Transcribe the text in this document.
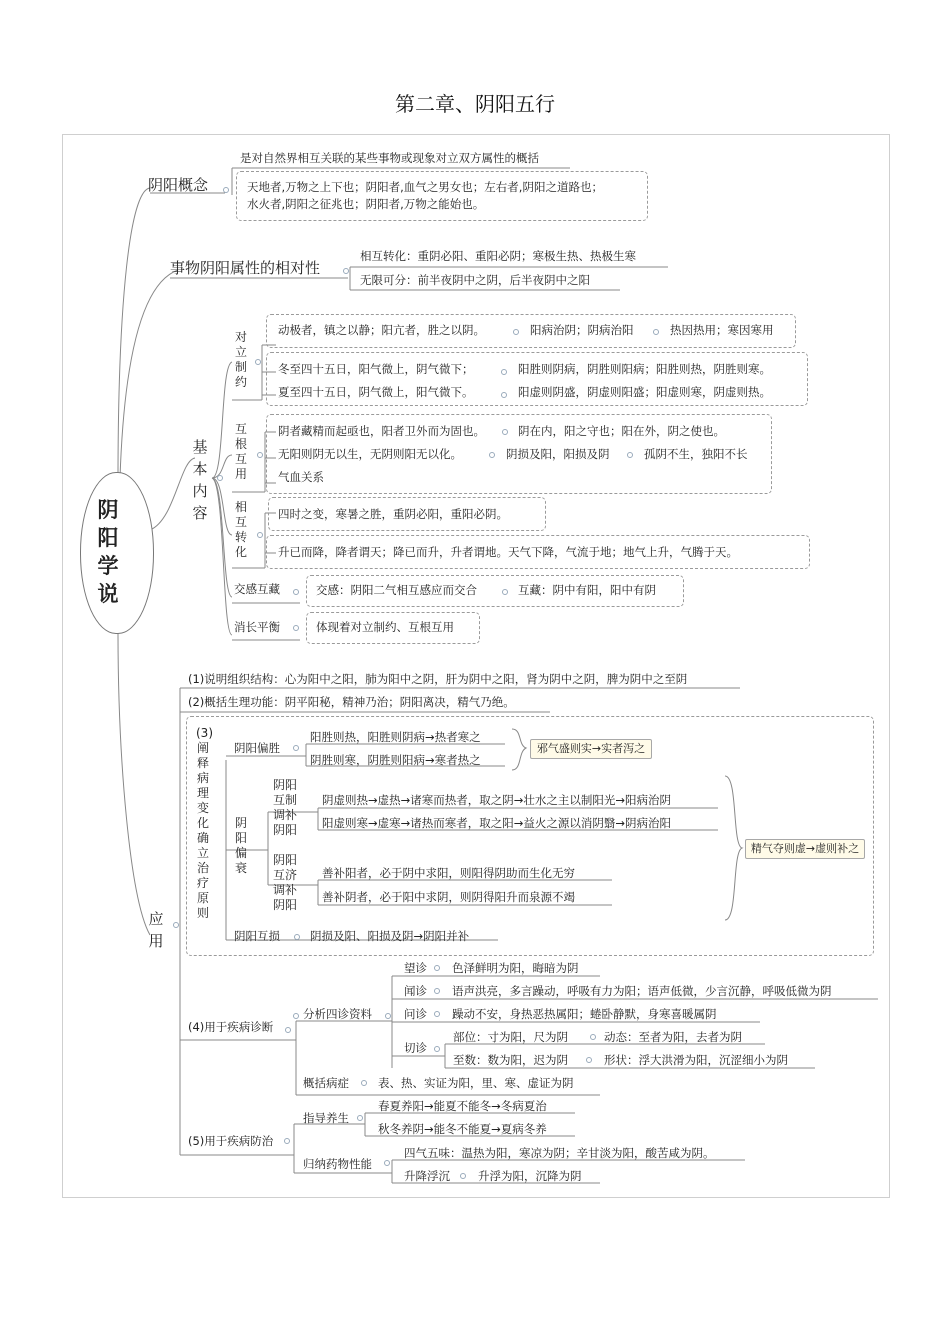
第二章、阴阳五行
阴阳学说
阴阳概念
是对自然界相互关联的某些事物或现象对立双方属性的概括
天地者,万物之上下也；阴阳者,血气之男女也；左右者,阴阳之道路也；
水火者,阴阳之征兆也；阴阳者,万物之能始也。
事物阴阳属性的相对性
相互转化：重阴必阳、重阳必阴；寒极生热、热极生寒
无限可分：前半夜阴中之阴，后半夜阴中之阳
基本内容
对立制约
动极者，镇之以静；阳亢者，胜之以阴。	阳病治阴；阴病治阳	热因热用；寒因寒用
冬至四十五日，阳气微上，阴气微下；	阳胜则阴病，阴胜则阳病；阳胜则热，阴胜则寒。
夏至四十五日，阴气微上，阳气微下。	阳虚则阴盛，阴虚则阳盛；阳虚则寒，阴虚则热。
互根互用
阴者藏精而起亟也，阳者卫外而为固也。	阴在内，阳之守也；阳在外，阴之使也。
无阳则阴无以生，无阴则阳无以化。	阴损及阳，阳损及阴	孤阴不生，独阳不长
气血关系
相互转化
四时之变，寒暑之胜，重阴必阳，重阳必阴。
升已而降，降者谓天；降已而升，升者谓地。天气下降，气流于地；地气上升，气腾于天。
交感互藏	交感：阴阳二气相互感应而交合	互藏：阴中有阳，阳中有阴
消长平衡	体现着对立制约、互根互用
应用
(1)说明组织结构：心为阳中之阳，肺为阳中之阴，肝为阴中之阳，肾为阴中之阴，脾为阴中之至阴
(2)概括生理功能：阴平阳秘，精神乃治；阴阳离决，精气乃绝。
(3)阐释病理变化确立治疗原则
阴阳偏胜
阳胜则热，阳胜则阴病→热者寒之
阴胜则寒，阴胜则阳病→寒者热之
邪气盛则实→实者泻之
阴阳偏衰
阴阳互制调补阴阳
阴虚则热→虚热→诸寒而热者，取之阴→壮水之主以制阳光→阳病治阴
阳虚则寒→虚寒→诸热而寒者，取之阳→益火之源以消阴翳→阴病治阳
阴阳互济调补阴阳
善补阳者，必于阴中求阳，则阳得阴助而生化无穷
善补阴者，必于阳中求阴，则阴得阳升而泉源不竭
精气夺则虚→虚则补之
阴阳互损	阴损及阳、阳损及阴→阴阳并补
(4)用于疾病诊断
分析四诊资料
望诊 色泽鲜明为阳，晦暗为阴
闻诊 语声洪亮，多言躁动，呼吸有力为阳；语声低微，少言沉静，呼吸低微为阴
问诊 躁动不安，身热恶热属阳；蜷卧静默，身寒喜暖属阴
切诊
部位：寸为阳，尺为阴	动态：至者为阳，去者为阴
至数：数为阳，迟为阴	形状：浮大洪滑为阳，沉涩细小为阴
概括病症	表、热、实证为阳，里、寒、虚证为阴
(5)用于疾病防治
指导养生
春夏养阳→能夏不能冬→冬病夏治
秋冬养阴→能冬不能夏→夏病冬养
归纳药物性能
四气五味：温热为阳，寒凉为阴；辛甘淡为阳，酸苦咸为阴。
升降浮沉 升浮为阳，沉降为阴
